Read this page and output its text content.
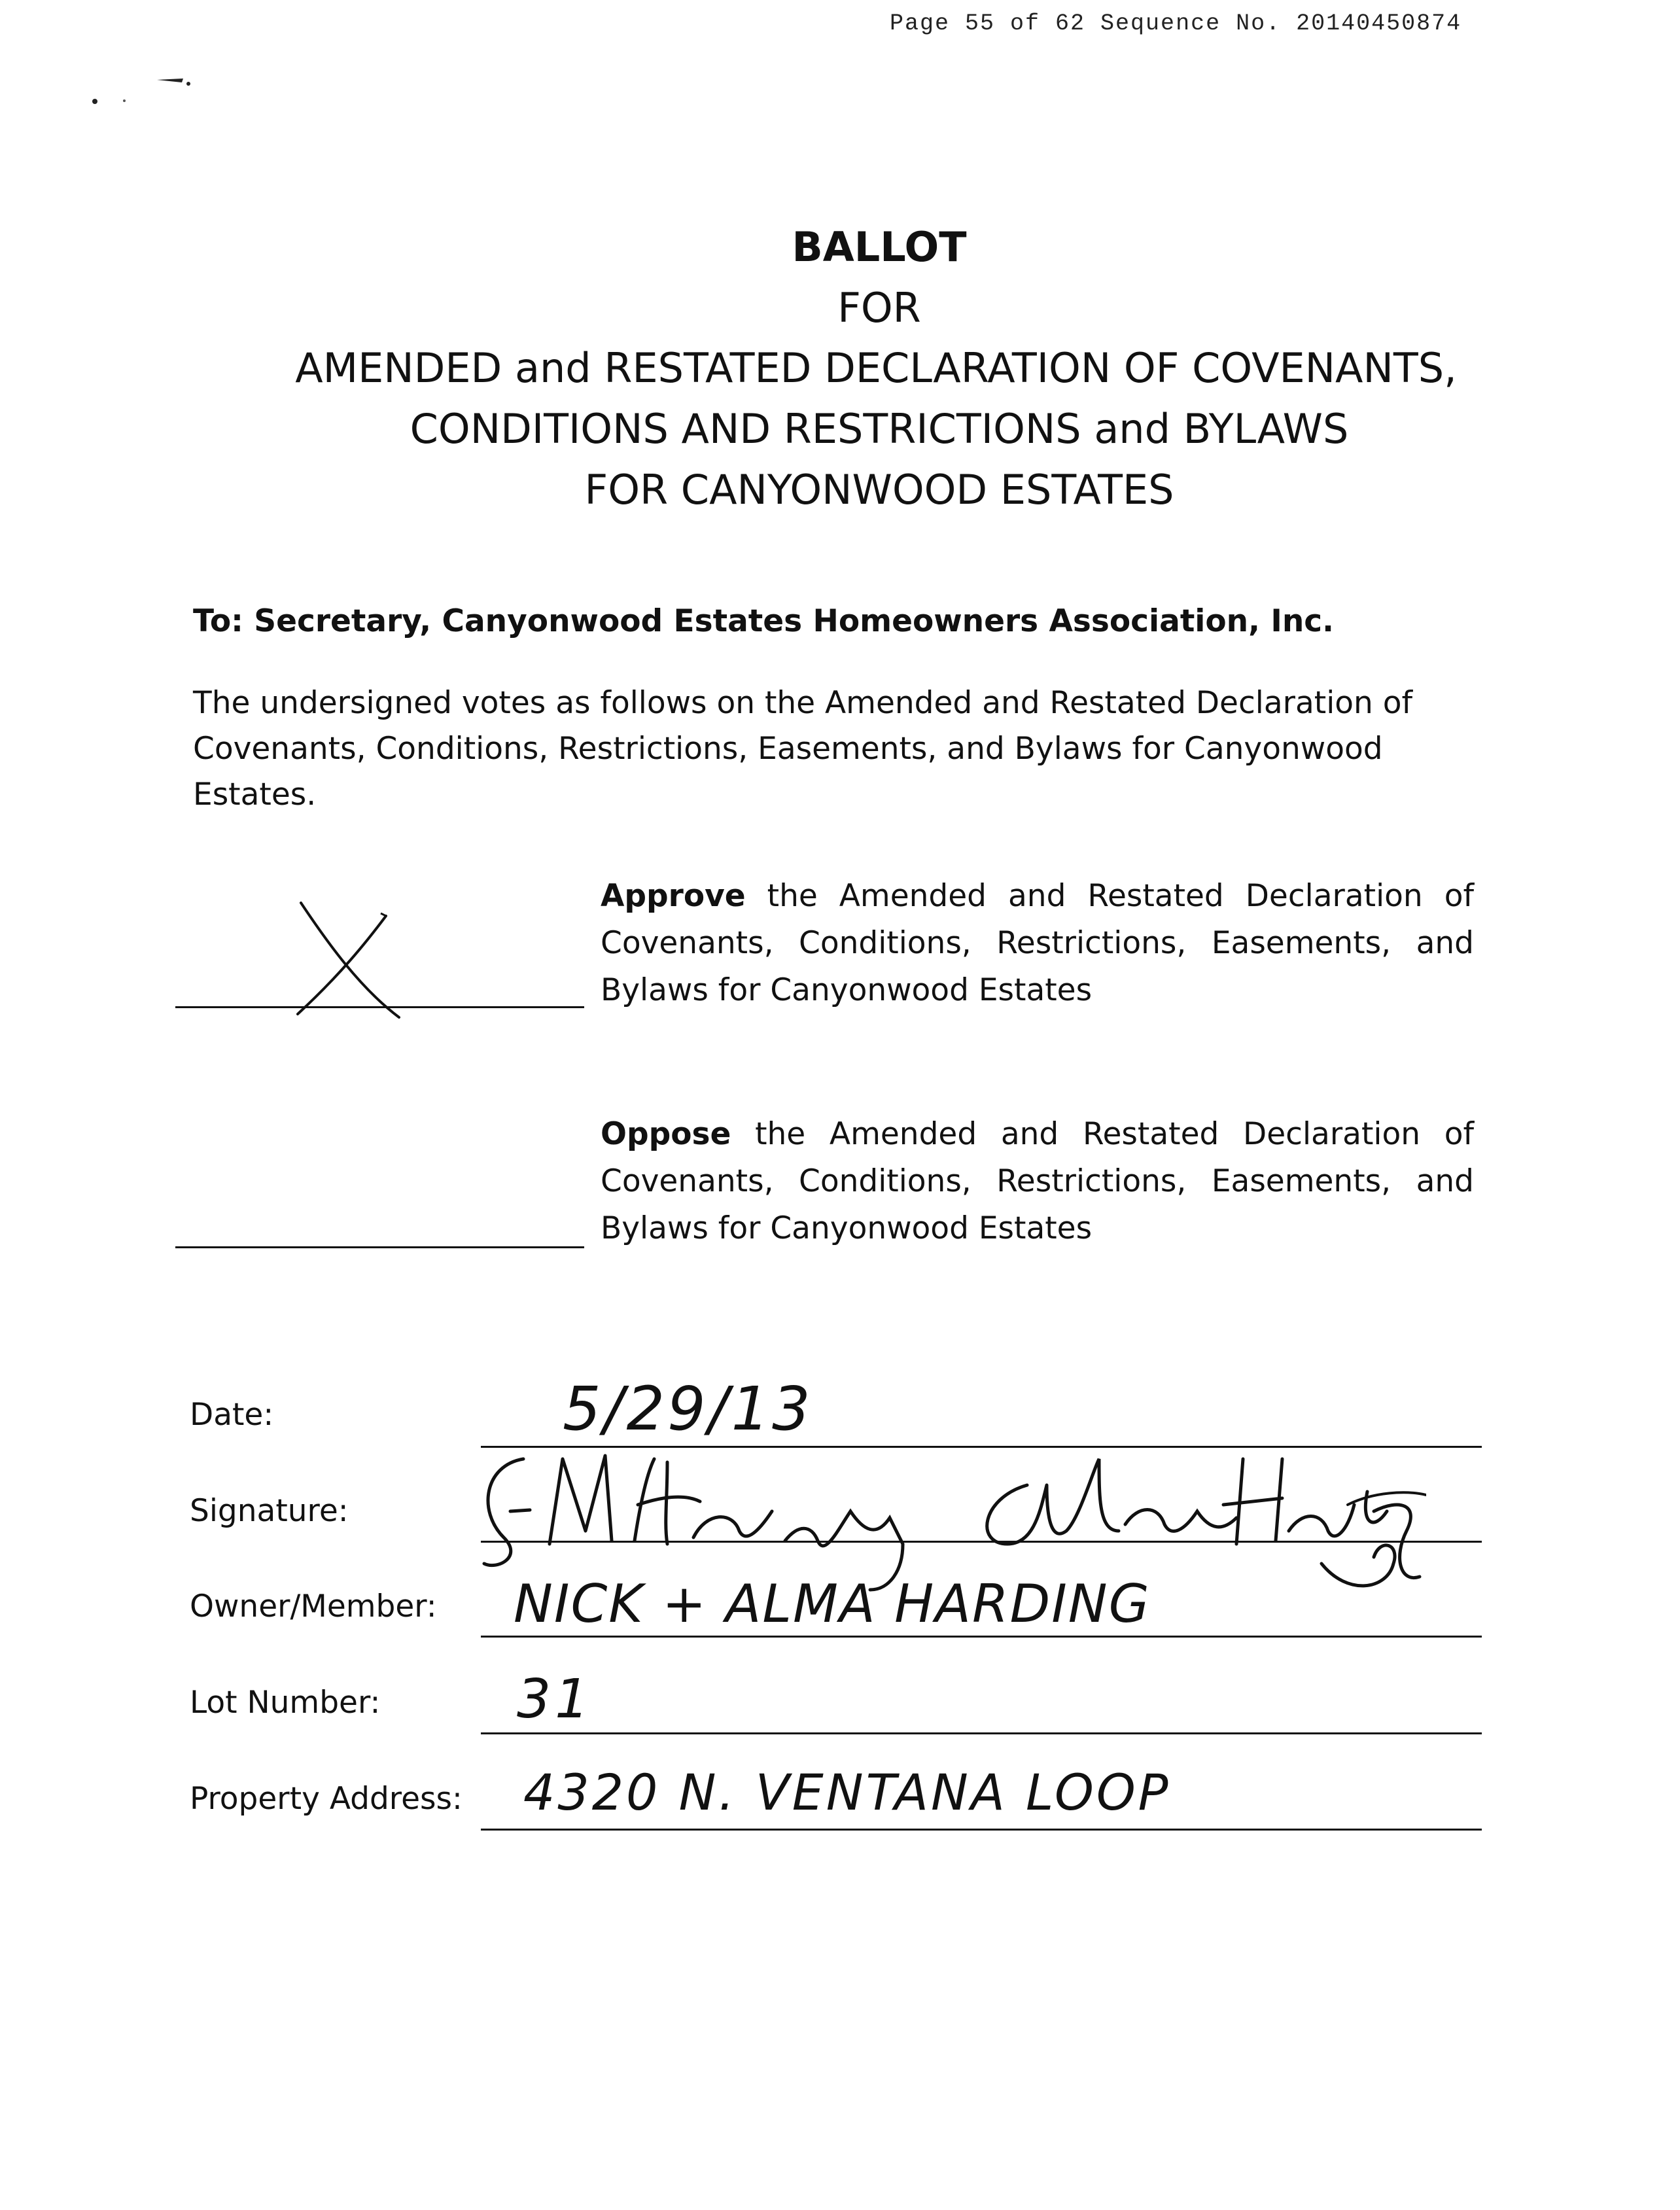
Page 55 of 62 Sequence No. 20140450874
BALLOT
FOR
AMENDED and RESTATED DECLARATION OF COVENANTS,
CONDITIONS AND RESTRICTIONS and BYLAWS
FOR CANYONWOOD ESTATES
To: Secretary, Canyonwood Estates Homeowners Association, Inc.
The undersigned votes as follows on the Amended and Restated Declaration of Covenants, Conditions, Restrictions, Easements, and Bylaws for Canyonwood Estates.
Approve the Amended and Restated Declaration of Covenants, Conditions, Restrictions, Easements, and Bylaws for Canyonwood Estates
Oppose the Amended and Restated Declaration of Covenants, Conditions, Restrictions, Easements, and Bylaws for Canyonwood Estates
Date:	5/29/13
Signature:
Owner/Member: NICK + ALMA HARDING
Lot Number:	31
Property Address: 4320 N. VENTANA LOOP
